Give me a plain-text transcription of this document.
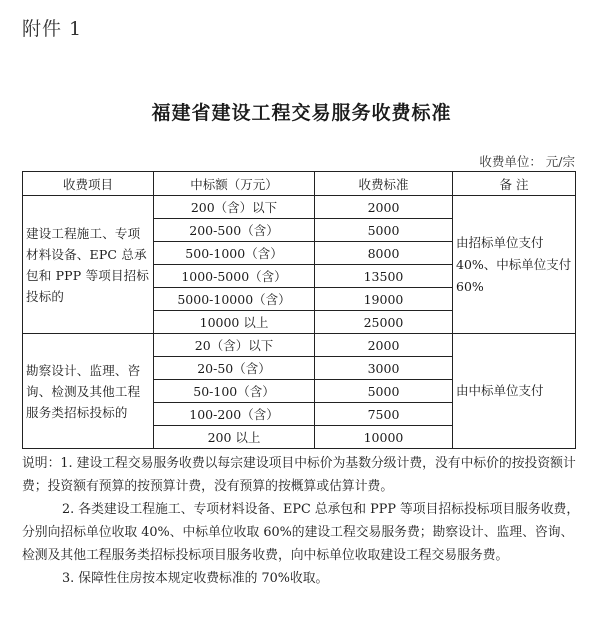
附件 1
福建省建设工程交易服务收费标准
收费单位： 元/宗
收费项目	中标额（万元）	收费标准	备 注
建设工程施工、专项材料设备、EPC 总承包和 PPP 等项目招标投标的	200（含）以下	2000	由招标单位支付 40%、中标单位支付 60%
	200-500（含）	5000	
	500-1000（含）	8000	
	1000-5000（含）	13500	
	5000-10000（含）	19000	
	10000 以上	25000	
勘察设计、监理、咨询、检测及其他工程服务类招标投标的	20（含）以下	2000	由中标单位支付
	20-50（含）	3000	
	50-100（含）	5000	
	100-200（含）	7500	
	200 以上	10000	

说明：1. 建设工程交易服务收费以每宗建设项目中标价为基数分级计费，没有中标价的按投资额计费；投资额有预算的按预算计费，没有预算的按概算或估算计费。

2. 各类建设工程施工、专项材料设备、EPC 总承包和 PPP 等项目招标投标项目服务收费，分别向招标单位收取 40%、中标单位收取 60%的建设工程交易服务费；勘察设计、监理、咨询、检测及其他工程服务类招标投标项目服务收费，向中标单位收取建设工程交易服务费。

3. 保障性住房按本规定收费标准的 70%收取。
